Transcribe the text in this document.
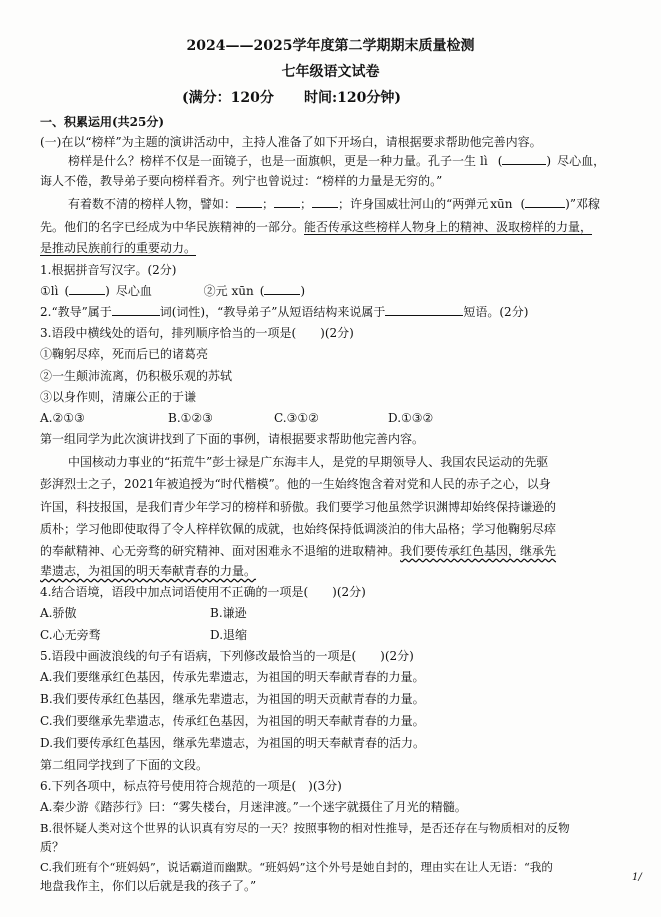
2024——2025学年度第二学期期末质量检测
七年级语文试卷
(满分：120分 时间:120分钟)
一、积累运用(共25分)
(一)在以“榜样”为主题的演讲活动中，主持人准备了如下开场白，请根据要求帮助他完善内容。
榜样是什么？榜样不仅是一面镜子，也是一面旗帜，更是一种力量。孔子一生 lì (	) 尽心血，
诲人不倦，教导弟子要向榜样看齐。列宁也曾说过：“榜样的力量是无穷的。”
有着数不清的榜样人物，譬如： ； ； ；许身国威壮河山的“两弹元 xūn (	)”邓稼
先。他们的名字已经成为中华民族精神的一部分。能否传承这些榜样人物身上的精神、汲取榜样的力量，
是推动民族前行的重要动力。
1.根据拼音写汉字。(2分)
①lì (	) 尽心血	②元 xūn (	)
2.“教导”属于	词(词性)，“教导弟子”从短语结构来说属于	短语。(2分)
3.语段中横线处的语句，排列顺序恰当的一项是(　　)(2分)
①鞠躬尽瘁，死而后已的诸葛亮
②一生颠沛流离，仍积极乐观的苏轼
③以身作则，清廉公正的于谦
A.②①③	B.①②③	C.③①②	D.①③②
第一组同学为此次演讲找到了下面的事例，请根据要求帮助他完善内容。
中国核动力事业的“拓荒牛”彭士禄是广东海丰人，是党的早期领导人、我国农民运动的先驱
彭湃烈士之子，2021年被追授为“时代楷模”。他的一生始终饱含着对党和人民的赤子之心，以身
许国，科技报国，是我们青少年学习的榜样和骄傲。我们要学习他虽然学识渊博却始终保持谦逊的
质朴；学习他即使取得了令人梓样钦佩的成就，也始终保持低调淡泊的伟大品格；学习他鞠躬尽瘁
的奉献精神、心无旁骛的研究精神、面对困难永不退缩的进取精神。我们要传承红色基因，继承先
辈遗志，为祖国的明天奉献青春的力量。
4.结合语境，语段中加点词语使用不正确的一项是(　　)(2分)
A.骄傲	B.谦逊
C.心无旁骛	D.退缩
5.语段中画波浪线的句子有语病，下列修改最恰当的一项是(　　)(2分)
A.我们要继承红色基因，传承先辈遗志，为祖国的明天奉献青春的力量。
B.我们要传承红色基因，继承先辈遗志，为祖国的明天贡献青春的力量。
C.我们要继承先辈遗志，传承红色基因，为祖国的明天奉献青春的力量。
D.我们要传承红色基因，继承先辈遗志，为祖国的明天奉献青春的活力。
第二组同学找到了下面的文段。
6.下列各项中，标点符号使用符合规范的一项是(　)(3分)
A.秦少游《踏莎行》曰：“雾失楼台，月迷津渡。”一个迷字就摄住了月光的精髓。
B.很怀疑人类对这个世界的认识真有穷尽的一天？按照事物的相对性推导，是否还存在与物质相对的反物
质？
C.我们班有个“班妈妈”，说话霸道而幽默。“班妈妈”这个外号是她自封的，理由实在让人无语：“我的
地盘我作主，你们以后就是我的孩子了。”
1/
